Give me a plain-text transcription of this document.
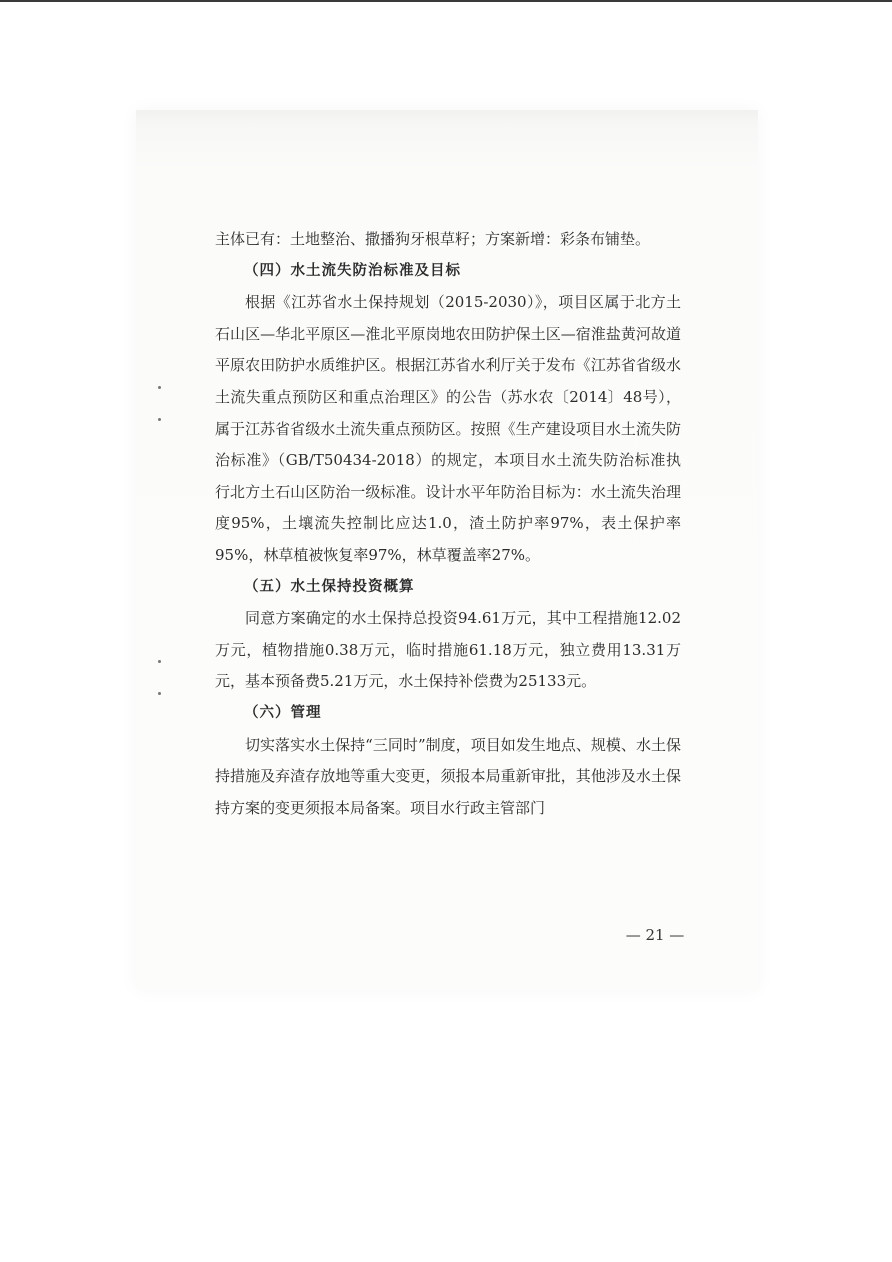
主体已有：土地整治、撒播狗牙根草籽；方案新增：彩条布铺垫。

（四）水土流失防治标准及目标

根据《江苏省水土保持规划（2015-2030）》，项目区属于北方土石山区—华北平原区—淮北平原岗地农田防护保土区—宿淮盐黄河故道平原农田防护水质维护区。根据江苏省水利厅关于发布《江苏省省级水土流失重点预防区和重点治理区》的公告（苏水农〔2014〕48号），属于江苏省省级水土流失重点预防区。按照《生产建设项目水土流失防治标准》（GB/T50434-2018）的规定，本项目水土流失防治标准执行北方土石山区防治一级标准。设计水平年防治目标为：水土流失治理度95%，土壤流失控制比应达1.0，渣土防护率97%，表土保护率95%，林草植被恢复率97%，林草覆盖率27%。

（五）水土保持投资概算

同意方案确定的水土保持总投资94.61万元，其中工程措施12.02万元，植物措施0.38万元，临时措施61.18万元，独立费用13.31万元，基本预备费5.21万元，水土保持补偿费为25133元。

（六）管理

切实落实水土保持“三同时”制度，项目如发生地点、规模、水土保持措施及弃渣存放地等重大变更，须报本局重新审批，其他涉及水土保持方案的变更须报本局备案。项目水行政主管部门

— 21 —
